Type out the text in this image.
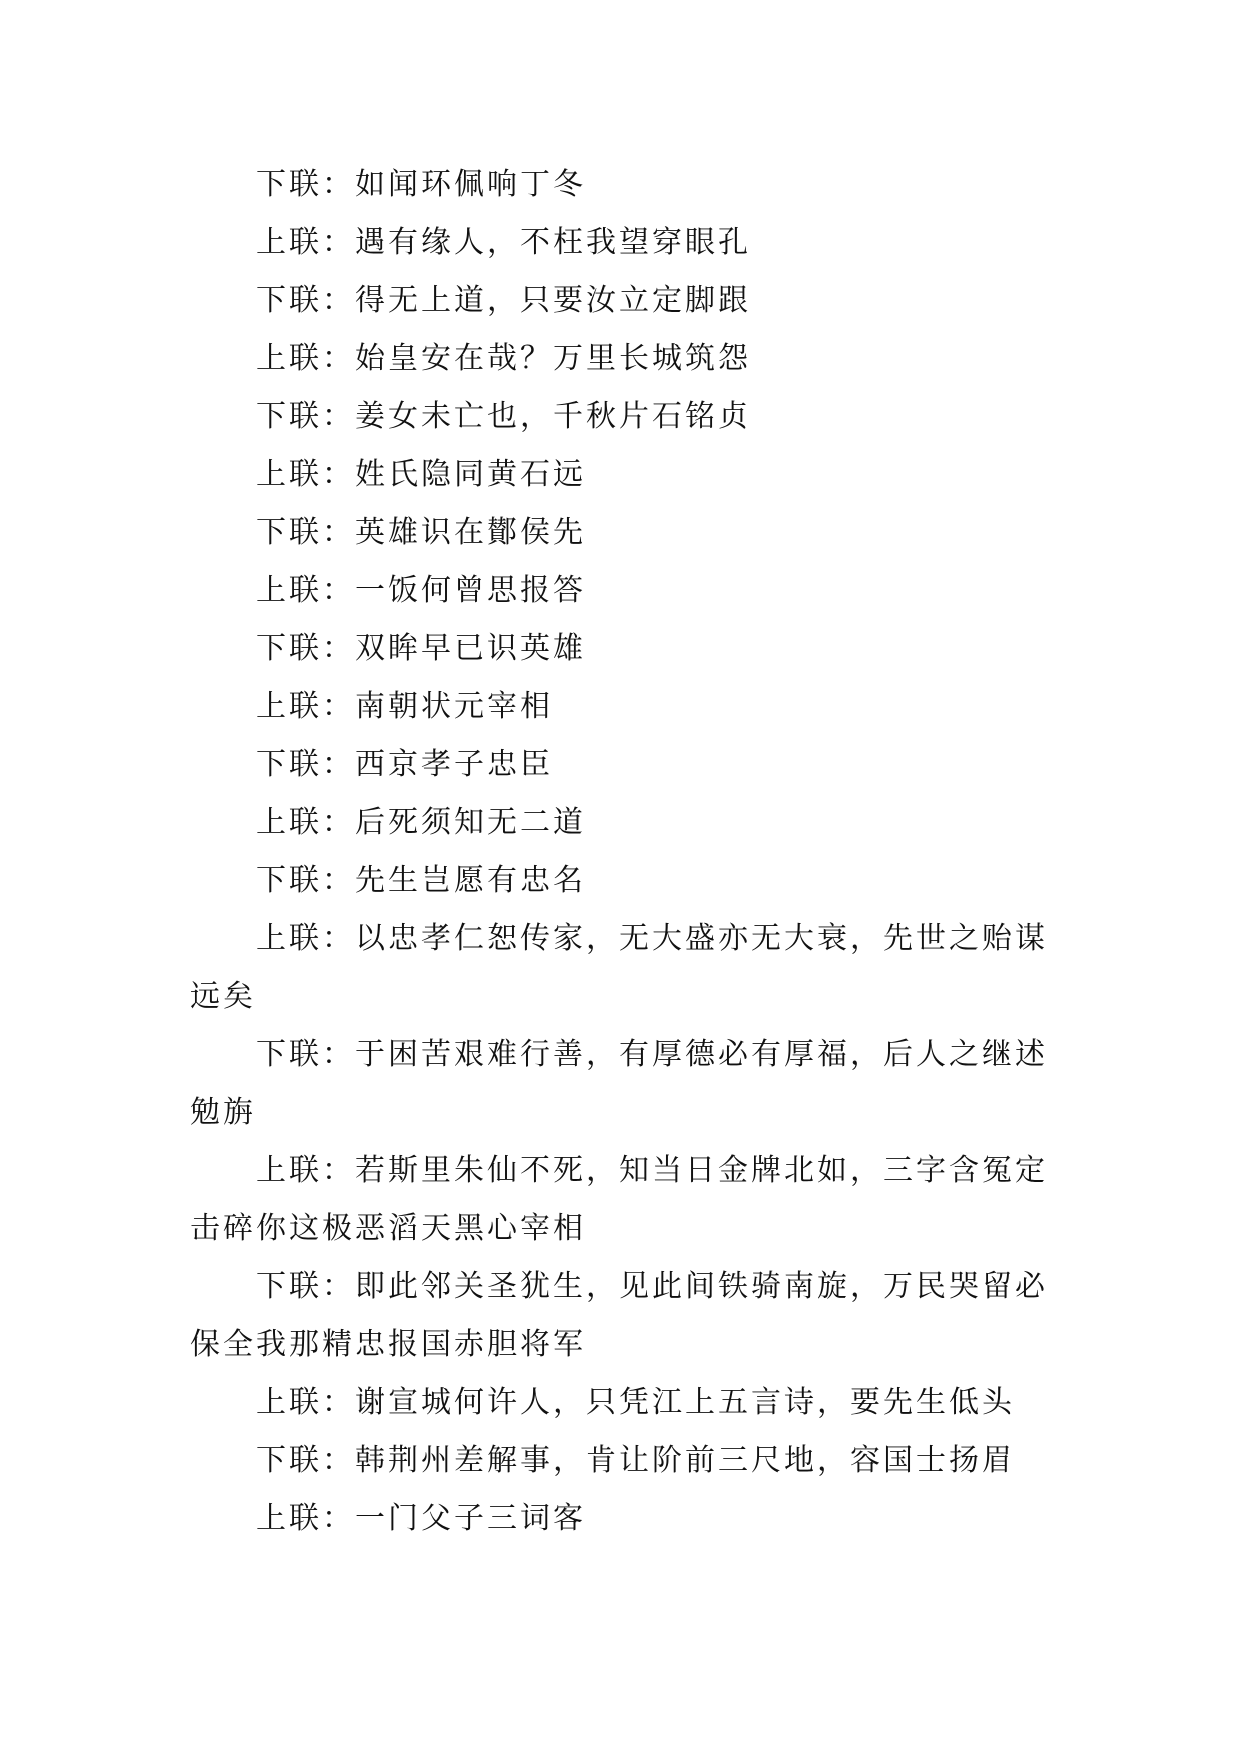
下联：如闻环佩响丁冬
上联：遇有缘人，不枉我望穿眼孔
下联：得无上道，只要汝立定脚跟
上联：始皇安在哉？万里长城筑怨
下联：姜女未亡也，千秋片石铭贞
上联：姓氏隐同黄石远
下联：英雄识在鄼侯先
上联：一饭何曾思报答
下联：双眸早已识英雄
上联：南朝状元宰相
下联：西京孝子忠臣
上联：后死须知无二道
下联：先生岂愿有忠名
上联：以忠孝仁恕传家，无大盛亦无大衰，先世之贻谋
远矣
下联：于困苦艰难行善，有厚德必有厚福，后人之继述
勉旃
上联：若斯里朱仙不死，知当日金牌北如，三字含冤定
击碎你这极恶滔天黑心宰相
下联：即此邻关圣犹生，见此间铁骑南旋，万民哭留必
保全我那精忠报国赤胆将军
上联：谢宣城何许人，只凭江上五言诗，要先生低头
下联：韩荆州差解事，肯让阶前三尺地，容国士扬眉
上联：一门父子三词客
